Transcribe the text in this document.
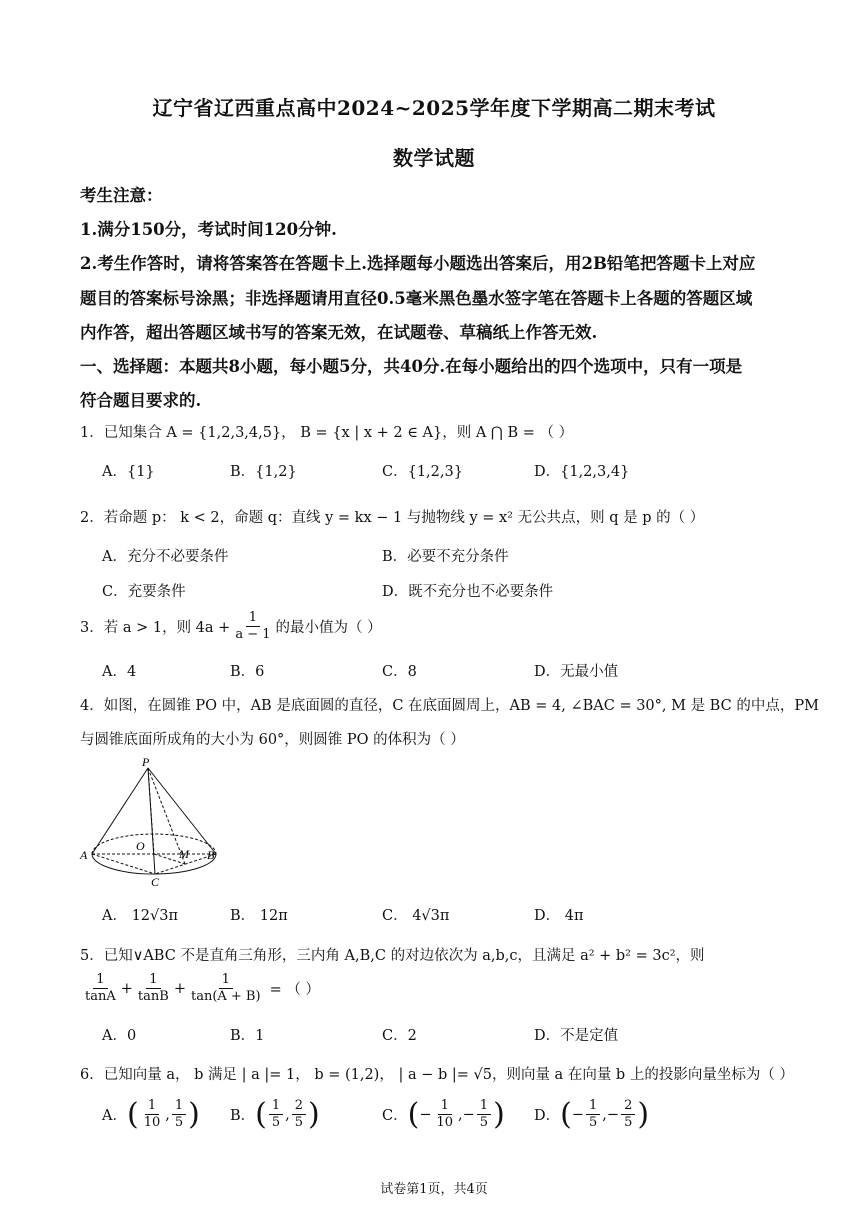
辽宁省辽西重点高中2024~2025学年度下学期高二期末考试
数学试题
考生注意：
1.满分150分，考试时间120分钟.
2.考生作答时，请将答案答在答题卡上.选择题每小题选出答案后，用2B铅笔把答题卡上对应
题目的答案标号涂黑；非选择题请用直径0.5毫米黑色墨水签字笔在答题卡上各题的答题区域
内作答，超出答题区域书写的答案无效，在试题卷、草稿纸上作答无效.
一、选择题：本题共8小题，每小题5分，共40分.在每小题给出的四个选项中，只有一项是
符合题目要求的.
1．已知集合 A = {1,2,3,4,5}， B = {x | x + 2 ∈ A}，则 A ⋂ B = （ ）
A．{1}	B．{1,2}	C．{1,2,3}	D．{1,2,3,4}
2．若命题 p： k < 2，命题 q：直线 y = kx − 1 与抛物线 y = x² 无公共点，则 q 是 p 的（ ）
A．充分不必要条件	B．必要不充分条件
C．充要条件	D．既不充分也不必要条件
3．若 a > 1，则 $4a + \frac{1}{a - 1}$ 的最小值为（ ）
A．4	B．6	C．8	D．无最小值
4．如图，在圆锥 PO 中，AB 是底面圆的直径，C 在底面圆周上，AB = 4, ∠BAC = 30°, M 是 BC 的中点，PM
与圆锥底面所成角的大小为 60°，则圆锥 PO 的体积为（ ）
P
A
O
M B
C
A． 12√3π	B． 12π	C． 4√3π	D． 4π
5．已知∨ABC 不是直角三角形，三内角 A,B,C 的对边依次为 a,b,c，且满足 a² + b² = 3c²，则
$\frac{1}{\tan A} + \frac{1}{\tan B} + \frac{1}{\tan(A + B)}$ = （ ）
A．0	B．1	C．2	D．不是定值
6．已知向量 a， b 满足 | a |= 1， b = (1,2)， | a − b |= √5，则向量 a 在向量 b 上的投影向量坐标为（ ）
A． ( $\frac{1}{10}$ , $\frac{1}{5}$ ) B． ( $\frac{1}{5}$ , $\frac{2}{5}$ )	C． ( − $\frac{1}{10}$ ,− $\frac{1}{5}$ ) D． ( − $\frac{1}{5}$ ,− $\frac{2}{5}$ )
试卷第1页，共4页
